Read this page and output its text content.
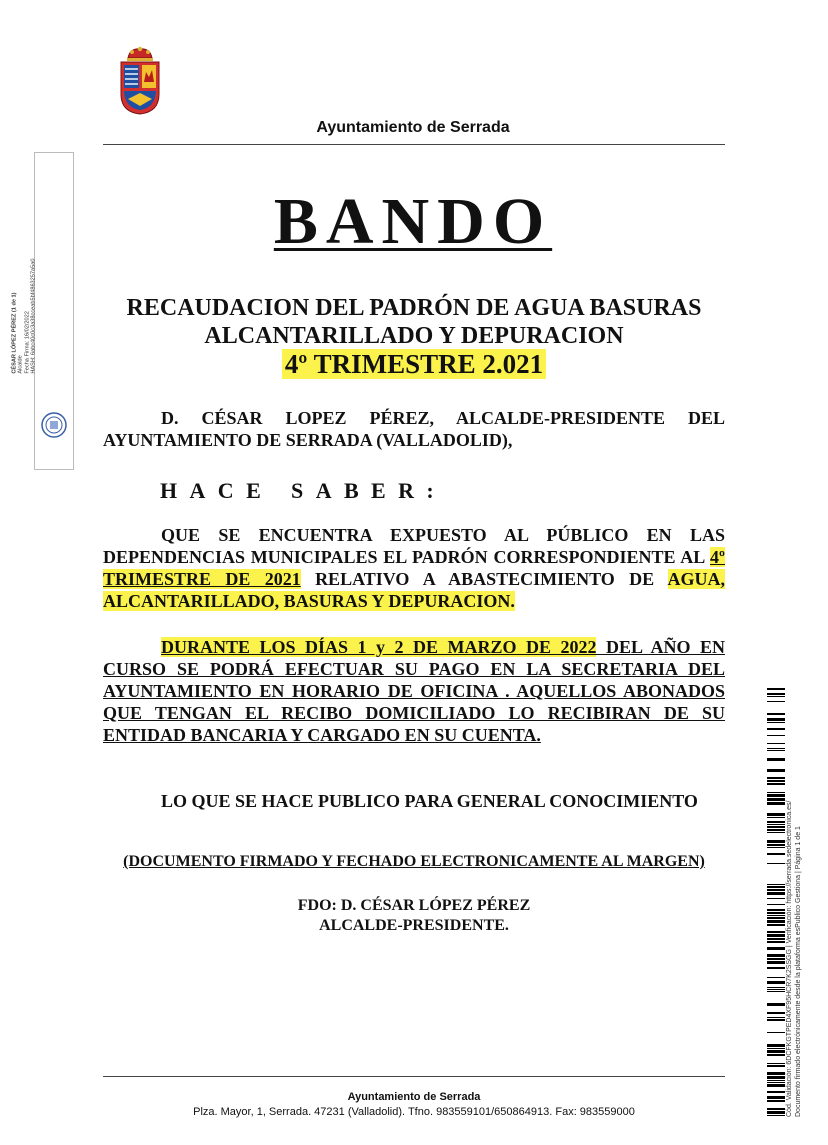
Ayuntamiento de Serrada
CÉSAR LÓPEZ PÉREZ (1 de 1) Alcalde Fecha Firma: 16/02/2022 HASH: 6abc40c0c3a38cceab5bf4863257a5a0
BANDO
RECAUDACION DEL PADRÓN DE AGUA BASURAS
ALCANTARILLADO Y DEPURACION
4º TRIMESTRE 2.021
D. CÉSAR LOPEZ PÉREZ, ALCALDE-PRESIDENTE DEL AYUNTAMIENTO DE SERRADA (VALLADOLID),
HACE SABER:
QUE SE ENCUENTRA EXPUESTO AL PÚBLICO EN LAS DEPENDENCIAS MUNICIPALES EL PADRÓN CORRESPONDIENTE AL 4º TRIMESTRE DE 2021 RELATIVO A ABASTECIMIENTO DE AGUA, ALCANTARILLADO, BASURAS Y DEPURACION.
DURANTE LOS DÍAS 1 y 2 DE MARZO DE 2022 DEL AÑO EN CURSO SE PODRÁ EFECTUAR SU PAGO EN LA SECRETARIA DEL AYUNTAMIENTO EN HORARIO DE OFICINA . AQUELLOS ABONADOS QUE TENGAN EL RECIBO DOMICILIADO LO RECIBIRAN DE SU ENTIDAD BANCARIA Y CARGADO EN SU CUENTA.
LO QUE SE HACE PUBLICO PARA GENERAL CONOCIMIENTO
(DOCUMENTO FIRMADO Y FECHADO ELECTRONICAMENTE AL MARGEN)
FDO: D. CÉSAR LÓPEZ PÉREZ
ALCALDE-PRESIDENTE.
Ayuntamiento de Serrada
Plza. Mayor, 1, Serrada. 47231 (Valladolid). Tfno. 983559101/650864913. Fax: 983559000	Cód. Validación: 6DCFKGTPED4XF95HCR7K2SSGG | Verificación: https://serrada.sedelectronica.es/ Documento firmado electrónicamente desde la plataforma esPublico Gestiona | Página 1 de 1
